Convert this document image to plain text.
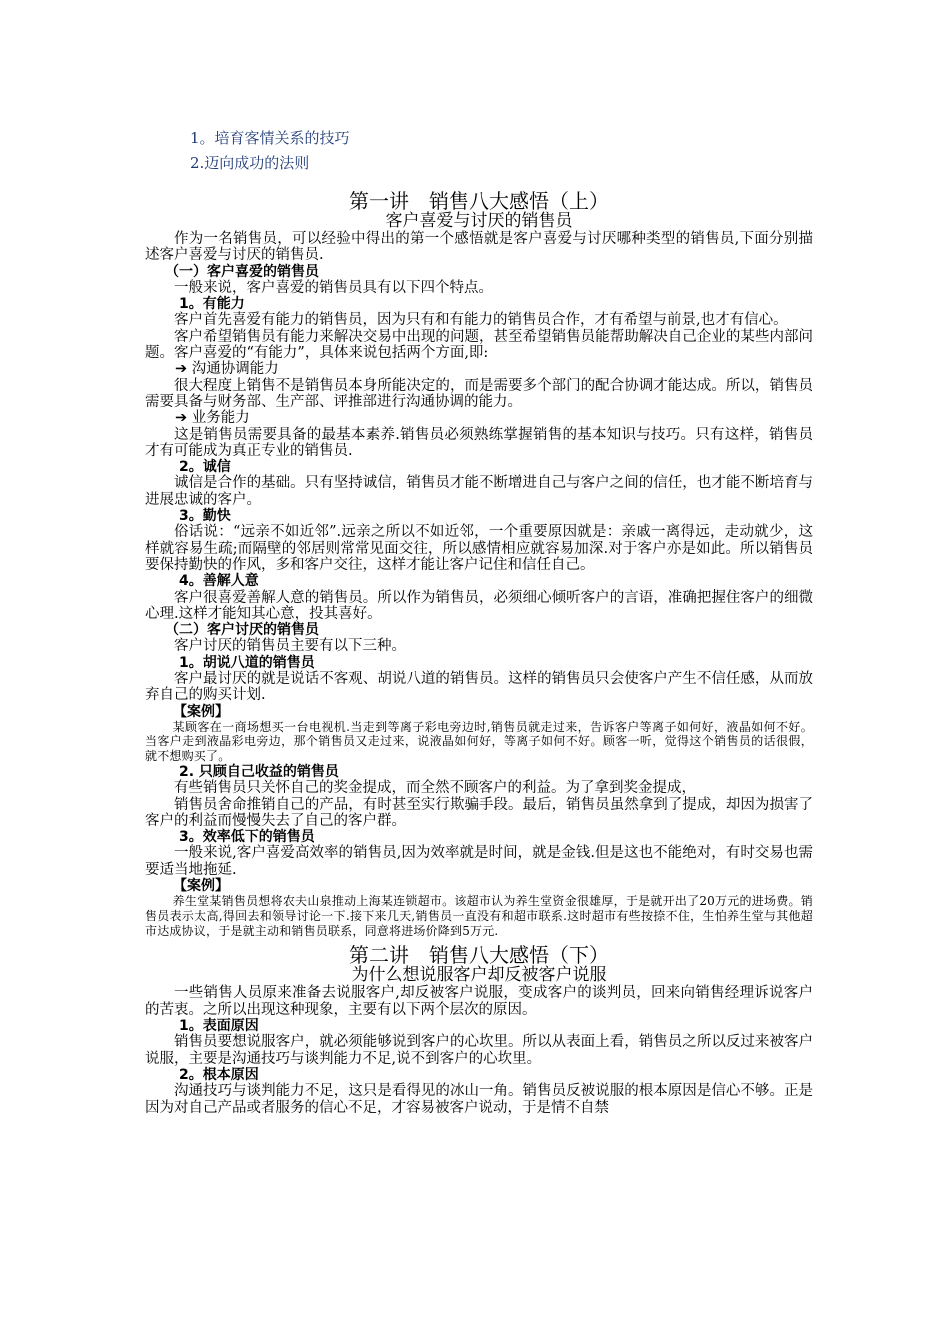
1。培育客情关系的技巧
2.迈向成功的法则
第一讲　销售八大感悟（上）
客户喜爱与讨厌的销售员

作为一名销售员，可以经验中得出的第一个感悟就是客户喜爱与讨厌哪种类型的销售员,下面分别描述客户喜爱与讨厌的销售员.

（一）客户喜爱的销售员

一般来说，客户喜爱的销售员具有以下四个特点。

1。有能力

客户首先喜爱有能力的销售员，因为只有和有能力的销售员合作，才有希望与前景,也才有信心。

客户希望销售员有能力来解决交易中出现的问题，甚至希望销售员能帮助解决自己企业的某些内部问题。客户喜爱的“有能力”，具体来说包括两个方面,即:

➔ 沟通协调能力

很大程度上销售不是销售员本身所能决定的，而是需要多个部门的配合协调才能达成。所以，销售员需要具备与财务部、生产部、评推部进行沟通协调的能力。

➔ 业务能力

这是销售员需要具备的最基本素养.销售员必须熟练掌握销售的基本知识与技巧。只有这样，销售员才有可能成为真正专业的销售员.

2。诚信

诚信是合作的基础。只有坚持诚信，销售员才能不断增进自己与客户之间的信任，也才能不断培育与进展忠诚的客户。

3。勤快

俗话说：“远亲不如近邻”.远亲之所以不如近邻，一个重要原因就是：亲戚一离得远，走动就少，这样就容易生疏;而隔壁的邻居则常常见面交往，所以感情相应就容易加深.对于客户亦是如此。所以销售员要保持勤快的作风，多和客户交往，这样才能让客户记住和信任自己。

4。善解人意

客户很喜爱善解人意的销售员。所以作为销售员，必须细心倾听客户的言语，准确把握住客户的细微心理.这样才能知其心意，投其喜好。

（二）客户讨厌的销售员

客户讨厌的销售员主要有以下三种。

1。胡说八道的销售员

客户最讨厌的就是说话不客观、胡说八道的销售员。这样的销售员只会使客户产生不信任感，从而放弃自己的购买计划.

【案例】

某顾客在一商场想买一台电视机.当走到等离子彩电旁边时,销售员就走过来，告诉客户等离子如何好，液晶如何不好。当客户走到液晶彩电旁边，那个销售员又走过来，说液晶如何好，等离子如何不好。顾客一听，觉得这个销售员的话很假，就不想购买了。

2. 只顾自己收益的销售员

有些销售员只关怀自己的奖金提成，而全然不顾客户的利益。为了拿到奖金提成，

销售员舍命推销自己的产品，有时甚至实行欺骗手段。最后，销售员虽然拿到了提成，却因为损害了客户的利益而慢慢失去了自己的客户群。

3。效率低下的销售员

一般来说,客户喜爱高效率的销售员,因为效率就是时间，就是金钱.但是这也不能绝对，有时交易也需要适当地拖延.

【案例】

养生堂某销售员想将农夫山泉推动上海某连锁超市。该超市认为养生堂资金很雄厚，于是就开出了20万元的进场费。销售员表示太高,得回去和领导讨论一下.接下来几天,销售员一直没有和超市联系.这时超市有些按捺不住，生怕养生堂与其他超市达成协议，于是就主动和销售员联系，同意将进场价降到5万元.

第二讲　销售八大感悟（下）
为什么想说服客户却反被客户说服

一些销售人员原来准备去说服客户,却反被客户说服，变成客户的谈判员，回来向销售经理诉说客户的苦衷。之所以出现这种现象，主要有以下两个层次的原因。

1。表面原因

销售员要想说服客户，就必须能够说到客户的心坎里。所以从表面上看，销售员之所以反过来被客户说服，主要是沟通技巧与谈判能力不足,说不到客户的心坎里。

2。根本原因

沟通技巧与谈判能力不足，这只是看得见的冰山一角。销售员反被说服的根本原因是信心不够。正是因为对自己产品或者服务的信心不足，才容易被客户说动，于是情不自禁
